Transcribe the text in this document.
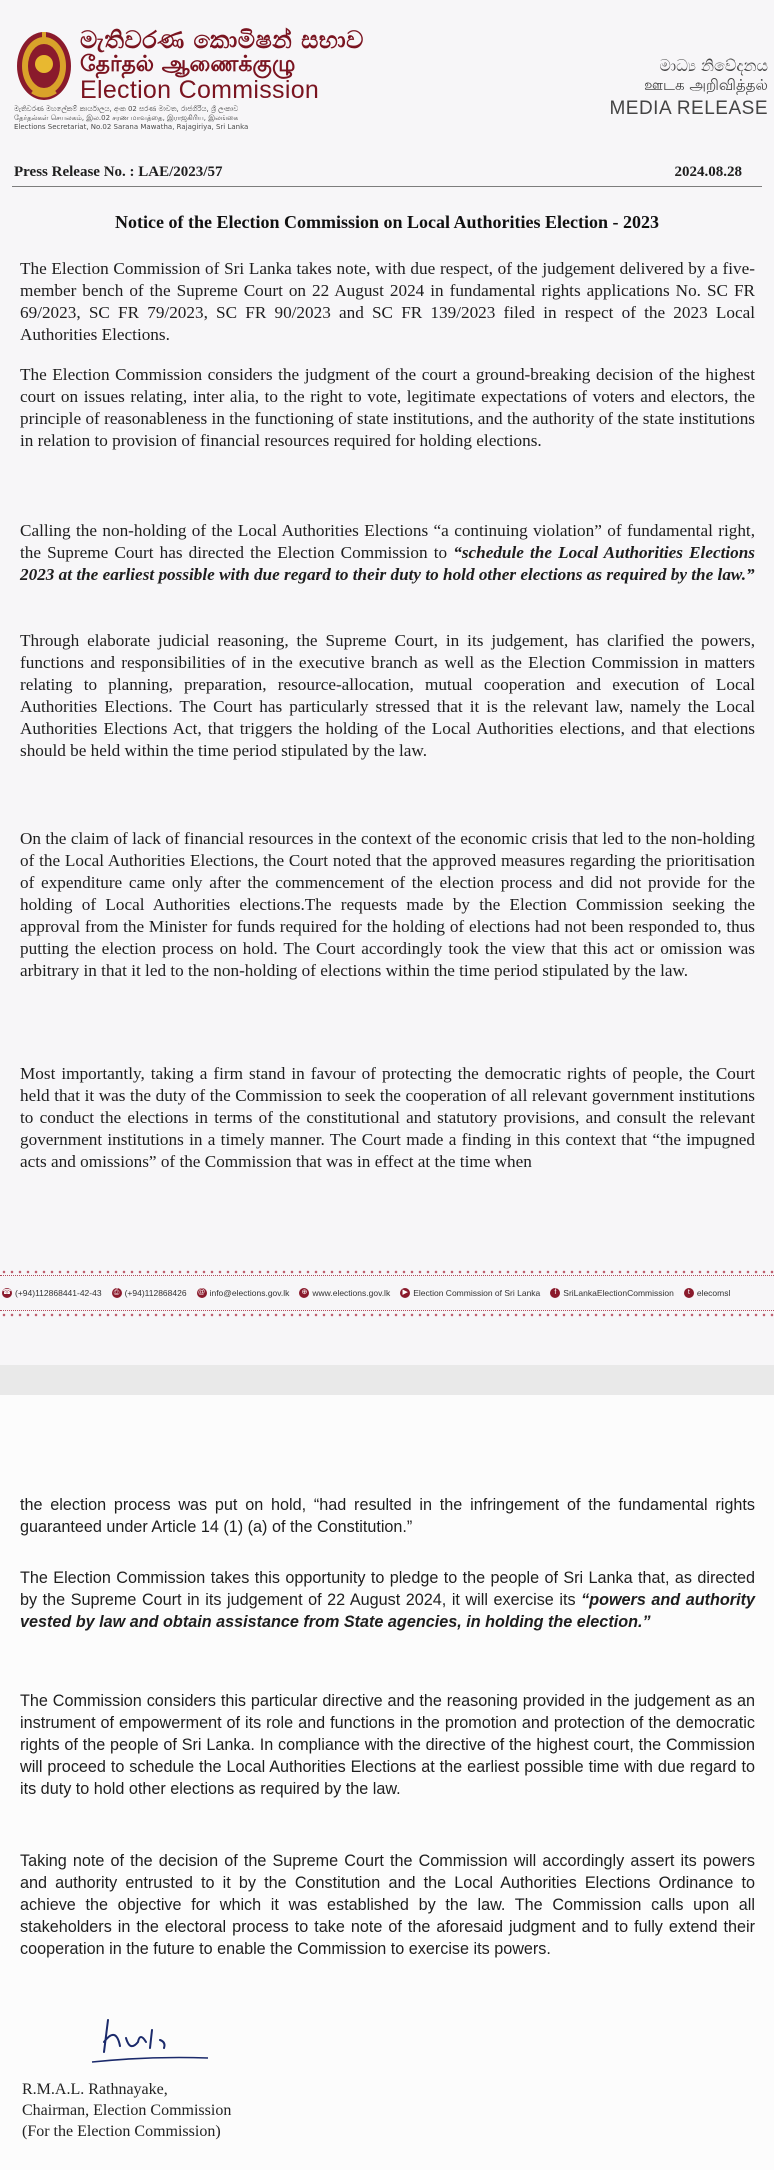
මැතිවරණ කොමිෂන් සභාව
தேர்தல் ஆணைக்குழு
Election Commission
මැතිවරණ මහලේකම් කාර්යාලය, අංක 02 සරණ මාවත, රාජගිරිය, ශ්‍රී ලංකාව
தேர்தல்கள் செயலகம், இல.02 சரண மாவத்தை, இராஜகிரிய, இலங்கை
Elections Secretariat, No.02 Sarana Mawatha, Rajagiriya, Sri Lanka
මාධ්‍ය නිවේදනය
ஊடக அறிவித்தல்
MEDIA RELEASE
Press Release No. : LAE/2023/57	2024.08.28
Notice of the Election Commission on Local Authorities Election - 2023

The Election Commission of Sri Lanka takes note, with due respect, of the judgement delivered by a five-member bench of the Supreme Court on 22 August 2024 in fundamental rights applications No. SC FR 69/2023, SC FR 79/2023, SC FR 90/2023 and SC FR 139/2023 filed in respect of the 2023 Local Authorities Elections.

The Election Commission considers the judgment of the court a ground-breaking decision of the highest court on issues relating, inter alia, to the right to vote, legitimate expectations of voters and electors, the principle of reasonableness in the functioning of state institutions, and the authority of the state institutions in relation to provision of financial resources required for holding elections.

Calling the non-holding of the Local Authorities Elections “a continuing violation” of fundamental right, the Supreme Court has directed the Election Commission to “schedule the Local Authorities Elections 2023 at the earliest possible with due regard to their duty to hold other elections as required by the law.”

Through elaborate judicial reasoning, the Supreme Court, in its judgement, has clarified the powers, functions and responsibilities of in the executive branch as well as the Election Commission in matters relating to planning, preparation, resource-allocation, mutual cooperation and execution of Local Authorities Elections. The Court has particularly stressed that it is the relevant law, namely the Local Authorities Elections Act, that triggers the holding of the Local Authorities elections, and that elections should be held within the time period stipulated by the law.

On the claim of lack of financial resources in the context of the economic crisis that led to the non-holding of the Local Authorities Elections, the Court noted that the approved measures regarding the prioritisation of expenditure came only after the commencement of the election process and did not provide for the holding of Local Authorities elections.The requests made by the Election Commission seeking the approval from the Minister for funds required for the holding of elections had not been responded to, thus putting the election process on hold. The Court accordingly took the view that this act or omission was arbitrary in that it led to the non-holding of elections within the time period stipulated by the law.

Most importantly, taking a firm stand in favour of protecting the democratic rights of people, the Court held that it was the duty of the Commission to seek the cooperation of all relevant government institutions to conduct the elections in terms of the constitutional and statutory provisions, and consult the relevant government institutions in a timely manner. The Court made a finding in this context that “the impugned acts and omissions” of the Commission that was in effect at the time when

☎ (+94)112868441-42-43	⎙ (+94)112868426 @ info@elections.gov.lk ⊕ www.elections.gov.lk	▶ Election Commission of Sri Lanka	f SriLankaElectionCommission	t elecomsl

the election process was put on hold, “had resulted in the infringement of the fundamental rights guaranteed under Article 14 (1) (a) of the Constitution.”

The Election Commission takes this opportunity to pledge to the people of Sri Lanka that, as directed by the Supreme Court in its judgement of 22 August 2024, it will exercise its “powers and authority vested by law and obtain assistance from State agencies, in holding the election.”

The Commission considers this particular directive and the reasoning provided in the judgement as an instrument of empowerment of its role and functions in the promotion and protection of the democratic rights of the people of Sri Lanka. In compliance with the directive of the highest court, the Commission will proceed to schedule the Local Authorities Elections at the earliest possible time with due regard to its duty to hold other elections as required by the law.

Taking note of the decision of the Supreme Court the Commission will accordingly assert its powers and authority entrusted to it by the Constitution and the Local Authorities Elections Ordinance to achieve the objective for which it was established by the law. The Commission calls upon all stakeholders in the electoral process to take note of the aforesaid judgment and to fully extend their cooperation in the future to enable the Commission to exercise its powers.

R.M.A.L. Rathnayake,
Chairman, Election Commission
(For the Election Commission)
